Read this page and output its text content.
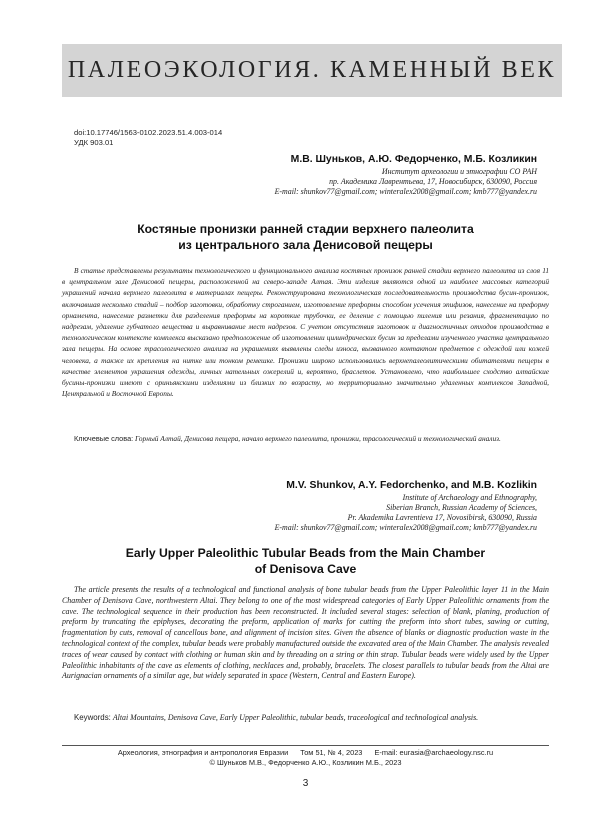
ПАЛЕОЭКОЛОГИЯ. КАМЕННЫЙ ВЕК
doi:10.17746/1563-0102.2023.51.4.003-014
УДК 903.01
М.В. Шуньков, А.Ю. Федорченко, М.Б. Козликин
Институт археологии и этнографии СО РАН
пр. Академика Лаврентьева, 17, Новосибирск, 630090, Россия
E-mail: shunkov77@gmail.com; winteralex2008@gmail.com; kmb777@yandex.ru
Костяные пронизки ранней стадии верхнего палеолита
из центрального зала Денисовой пещеры

В статье представлены результаты технологического и функционального анализа костяных пронизок ранней стадии верхнего палеолита из слоя 11 в центральном зале Денисовой пещеры, расположенной на северо-западе Алтая. Эти изделия являются одной из наиболее массовых категорий украшений начала верхнего палеолита в материалах пещеры. Реконструирована технологическая последовательность производства бусин-пронизок, включавшая несколько стадий – подбор заготовки, обработку строганием, изготовление преформы способом усечения эпифизов, нанесение на преформу орнамента, нанесение разметки для разделения преформы на короткие трубочки, ее деление с помощью пиления или резания, фрагментацию по надрезам, удаление губчатого вещества и выравнивание мест надрезов. С учетом отсутствия заготовок и диагностичных отходов производства в технологическом контексте комплекса высказано предположение об изготовлении цилиндрических бусин за пределами изученного участка центрального зала пещеры. На основе трасологического анализа на украшениях выявлены следы износа, вызванного контактом предметов с одеждой или кожей человека, а также их крепления на нитке или тонком ремешке. Пронизки широко использовались верхнепалеолитическими обитателями пещеры в качестве элементов украшения одежды, личных нательных ожерелий и, вероятно, браслетов. Установлено, что наибольшее сходство алтайские бусины-пронизки имеют с ориньякскими изделиями из близких по возрасту, но территориально значительно удаленных комплексов Западной, Центральной и Восточной Европы.

Ключевые слова: Горный Алтай, Денисова пещера, начало верхнего палеолита, пронизки, трасологический и технологический анализ.

M.V. Shunkov, A.Y. Fedorchenko, and M.B. Kozlikin
Institute of Archaeology and Ethnography,
Siberian Branch, Russian Academy of Sciences,
Pr. Akademika Lavrentieva 17, Novosibirsk, 630090, Russia
E-mail: shunkov77@gmail.com; winteralex2008@gmail.com; kmb777@yandex.ru
Early Upper Paleolithic Tubular Beads from the Main Chamber
of Denisova Cave

The article presents the results of a technological and functional analysis of bone tubular beads from the Upper Paleolithic layer 11 in the Main Chamber of Denisova Cave, northwestern Altai. They belong to one of the most widespread categories of Early Upper Paleolithic ornaments from the cave. The technological sequence in their production has been reconstructed. It included several stages: selection of blank, planing, production of preform by truncating the epiphyses, decorating the preform, application of marks for cutting the preform into short tubes, sawing or cutting, fragmentation by cuts, removal of cancellous bone, and alignment of incision sites. Given the absence of blanks or diagnostic production waste in the technological context of the complex, tubular beads were probably manufactured outside the excavated area of the Main Chamber. The analysis revealed traces of wear caused by contact with clothing or human skin and by threading on a string or thin strap. Tubular beads were widely used by the Upper Paleolithic inhabitants of the cave as elements of clothing, necklaces and, probably, bracelets. The closest parallels to tubular beads from the Altai are Aurignacian ornaments of a similar age, but widely separated in space (Western, Central and Eastern Europe).

Keywords: Altai Mountains, Denisova Cave, Early Upper Paleolithic, tubular beads, traceological and technological analysis.

Археология, этнография и антропология Евразии Том 51, № 4, 2023 E-mail: eurasia@archaeology.nsc.ru
© Шуньков М.В., Федорченко А.Ю., Козликин М.Б., 2023
3
